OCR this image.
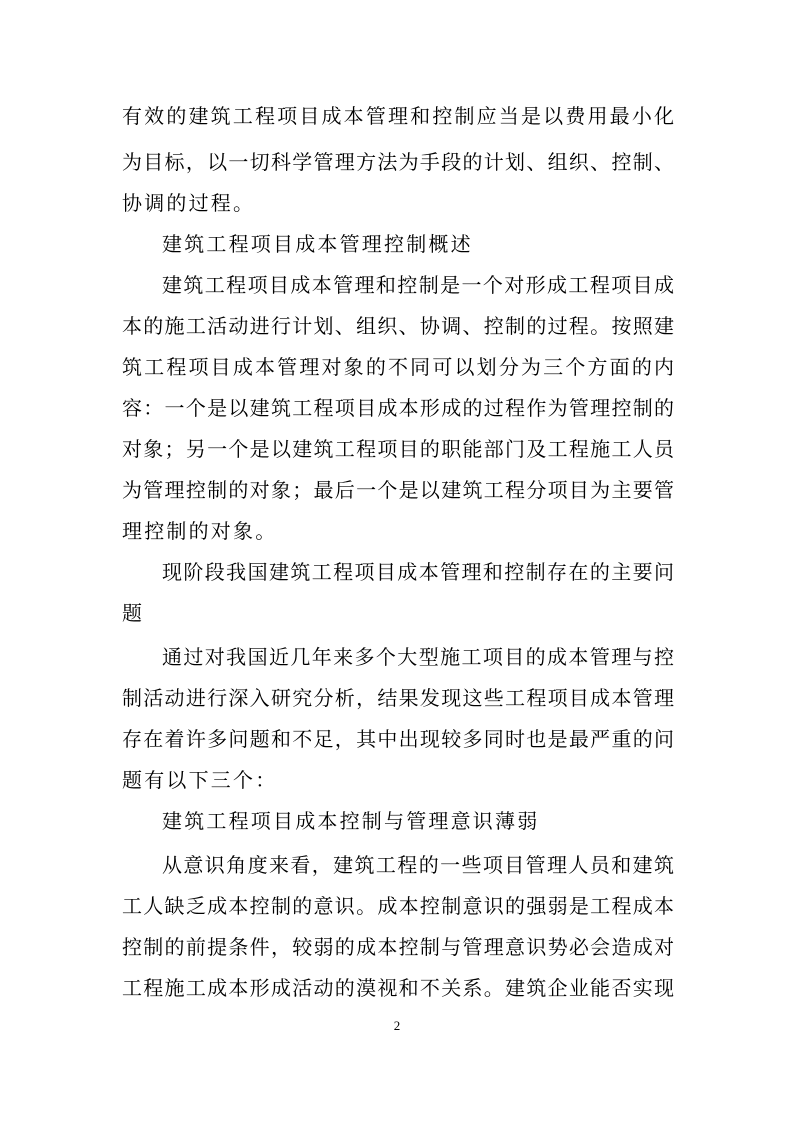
有效的建筑工程项目成本管理和控制应当是以费用最小化
为目标，以一切科学管理方法为手段的计划、组织、控制、
协调的过程。
建筑工程项目成本管理控制概述
建筑工程项目成本管理和控制是一个对形成工程项目成
本的施工活动进行计划、组织、协调、控制的过程。按照建
筑工程项目成本管理对象的不同可以划分为三个方面的内
容：一个是以建筑工程项目成本形成的过程作为管理控制的
对象；另一个是以建筑工程项目的职能部门及工程施工人员
为管理控制的对象；最后一个是以建筑工程分项目为主要管
理控制的对象。
现阶段我国建筑工程项目成本管理和控制存在的主要问
题
通过对我国近几年来多个大型施工项目的成本管理与控
制活动进行深入研究分析，结果发现这些工程项目成本管理
存在着许多问题和不足，其中出现较多同时也是最严重的问
题有以下三个：
建筑工程项目成本控制与管理意识薄弱
从意识角度来看，建筑工程的一些项目管理人员和建筑
工人缺乏成本控制的意识。成本控制意识的强弱是工程成本
控制的前提条件，较弱的成本控制与管理意识势必会造成对
工程施工成本形成活动的漠视和不关系。建筑企业能否实现
2
